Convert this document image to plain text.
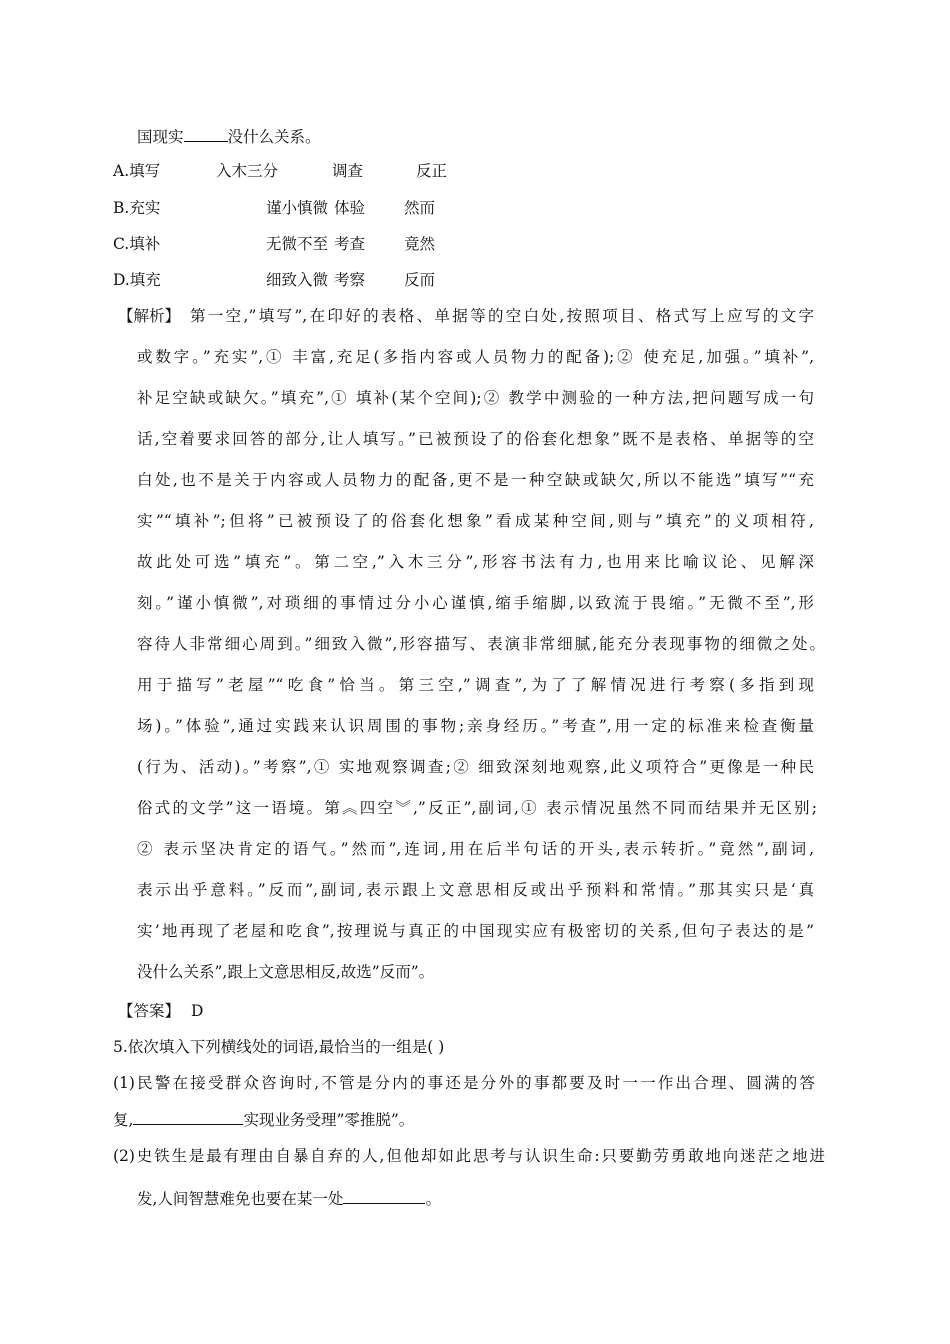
国现实	没什么关系。
A.填写	入木三分	调查	反正
B.充实	谨小慎微 体验	然而
C.填补	无微不至 考查	竟然
D.填充	细致入微 考察	反而
【解析】 第一空,”填写”,在印好的表格、单据等的空白处,按照项目、格式写上应写的文字
或数字。”充实”,① 丰富,充足(多指内容或人员物力的配备);② 使充足,加强。”填补”,
补足空缺或缺欠。”填充”,① 填补(某个空间);② 教学中测验的一种方法,把问题写成一句
话,空着要求回答的部分,让人填写。”已被预设了的俗套化想象”既不是表格、单据等的空
白处,也不是关于内容或人员物力的配备,更不是一种空缺或缺欠,所以不能选”填写”“充
实”“填补”;但将”已被预设了的俗套化想象”看成某种空间,则与”填充”的义项相符,
故此处可选”填充”。第二空,”入木三分”,形容书法有力,也用来比喻议论、见解深
刻。”谨小慎微”,对琐细的事情过分小心谨慎,缩手缩脚,以致流于畏缩。”无微不至”,形
容待人非常细心周到。”细致入微”,形容描写、表演非常细腻,能充分表现事物的细微之处。
用于描写”老屋”“吃食”恰当。第三空,”调查”,为了了解情况进行考察(多指到现
场)。”体验”,通过实践来认识周围的事物;亲身经历。”考查”,用一定的标准来检查衡量
(行为、活动)。”考察”,① 实地观察调查;② 细致深刻地观察,此义项符合”更像是一种民
俗式的文学”这一语境。第︽四空︾,”反正”,副词,① 表示情况虽然不同而结果并无区别;
② 表示坚决肯定的语气。”然而”,连词,用在后半句话的开头,表示转折。”竟然”,副词,
表示出乎意料。”反而”,副词,表示跟上文意思相反或出乎预料和常情。”那其实只是‘真
实’地再现了老屋和吃食”,按理说与真正的中国现实应有极密切的关系,但句子表达的是”
没什么关系”,跟上文意思相反,故选”反而”。
【答案】 D
5.依次填入下列横线处的词语,最恰当的一组是( )
(1)民警在接受群众咨询时,不管是分内的事还是分外的事都要及时一一作出合理、圆满的答
复,	实现业务受理”零推脱”。
(2)史铁生是最有理由自暴自弃的人,但他却如此思考与认识生命:只要勤劳勇敢地向迷茫之地进
发,人间智慧难免也要在某一处	。
